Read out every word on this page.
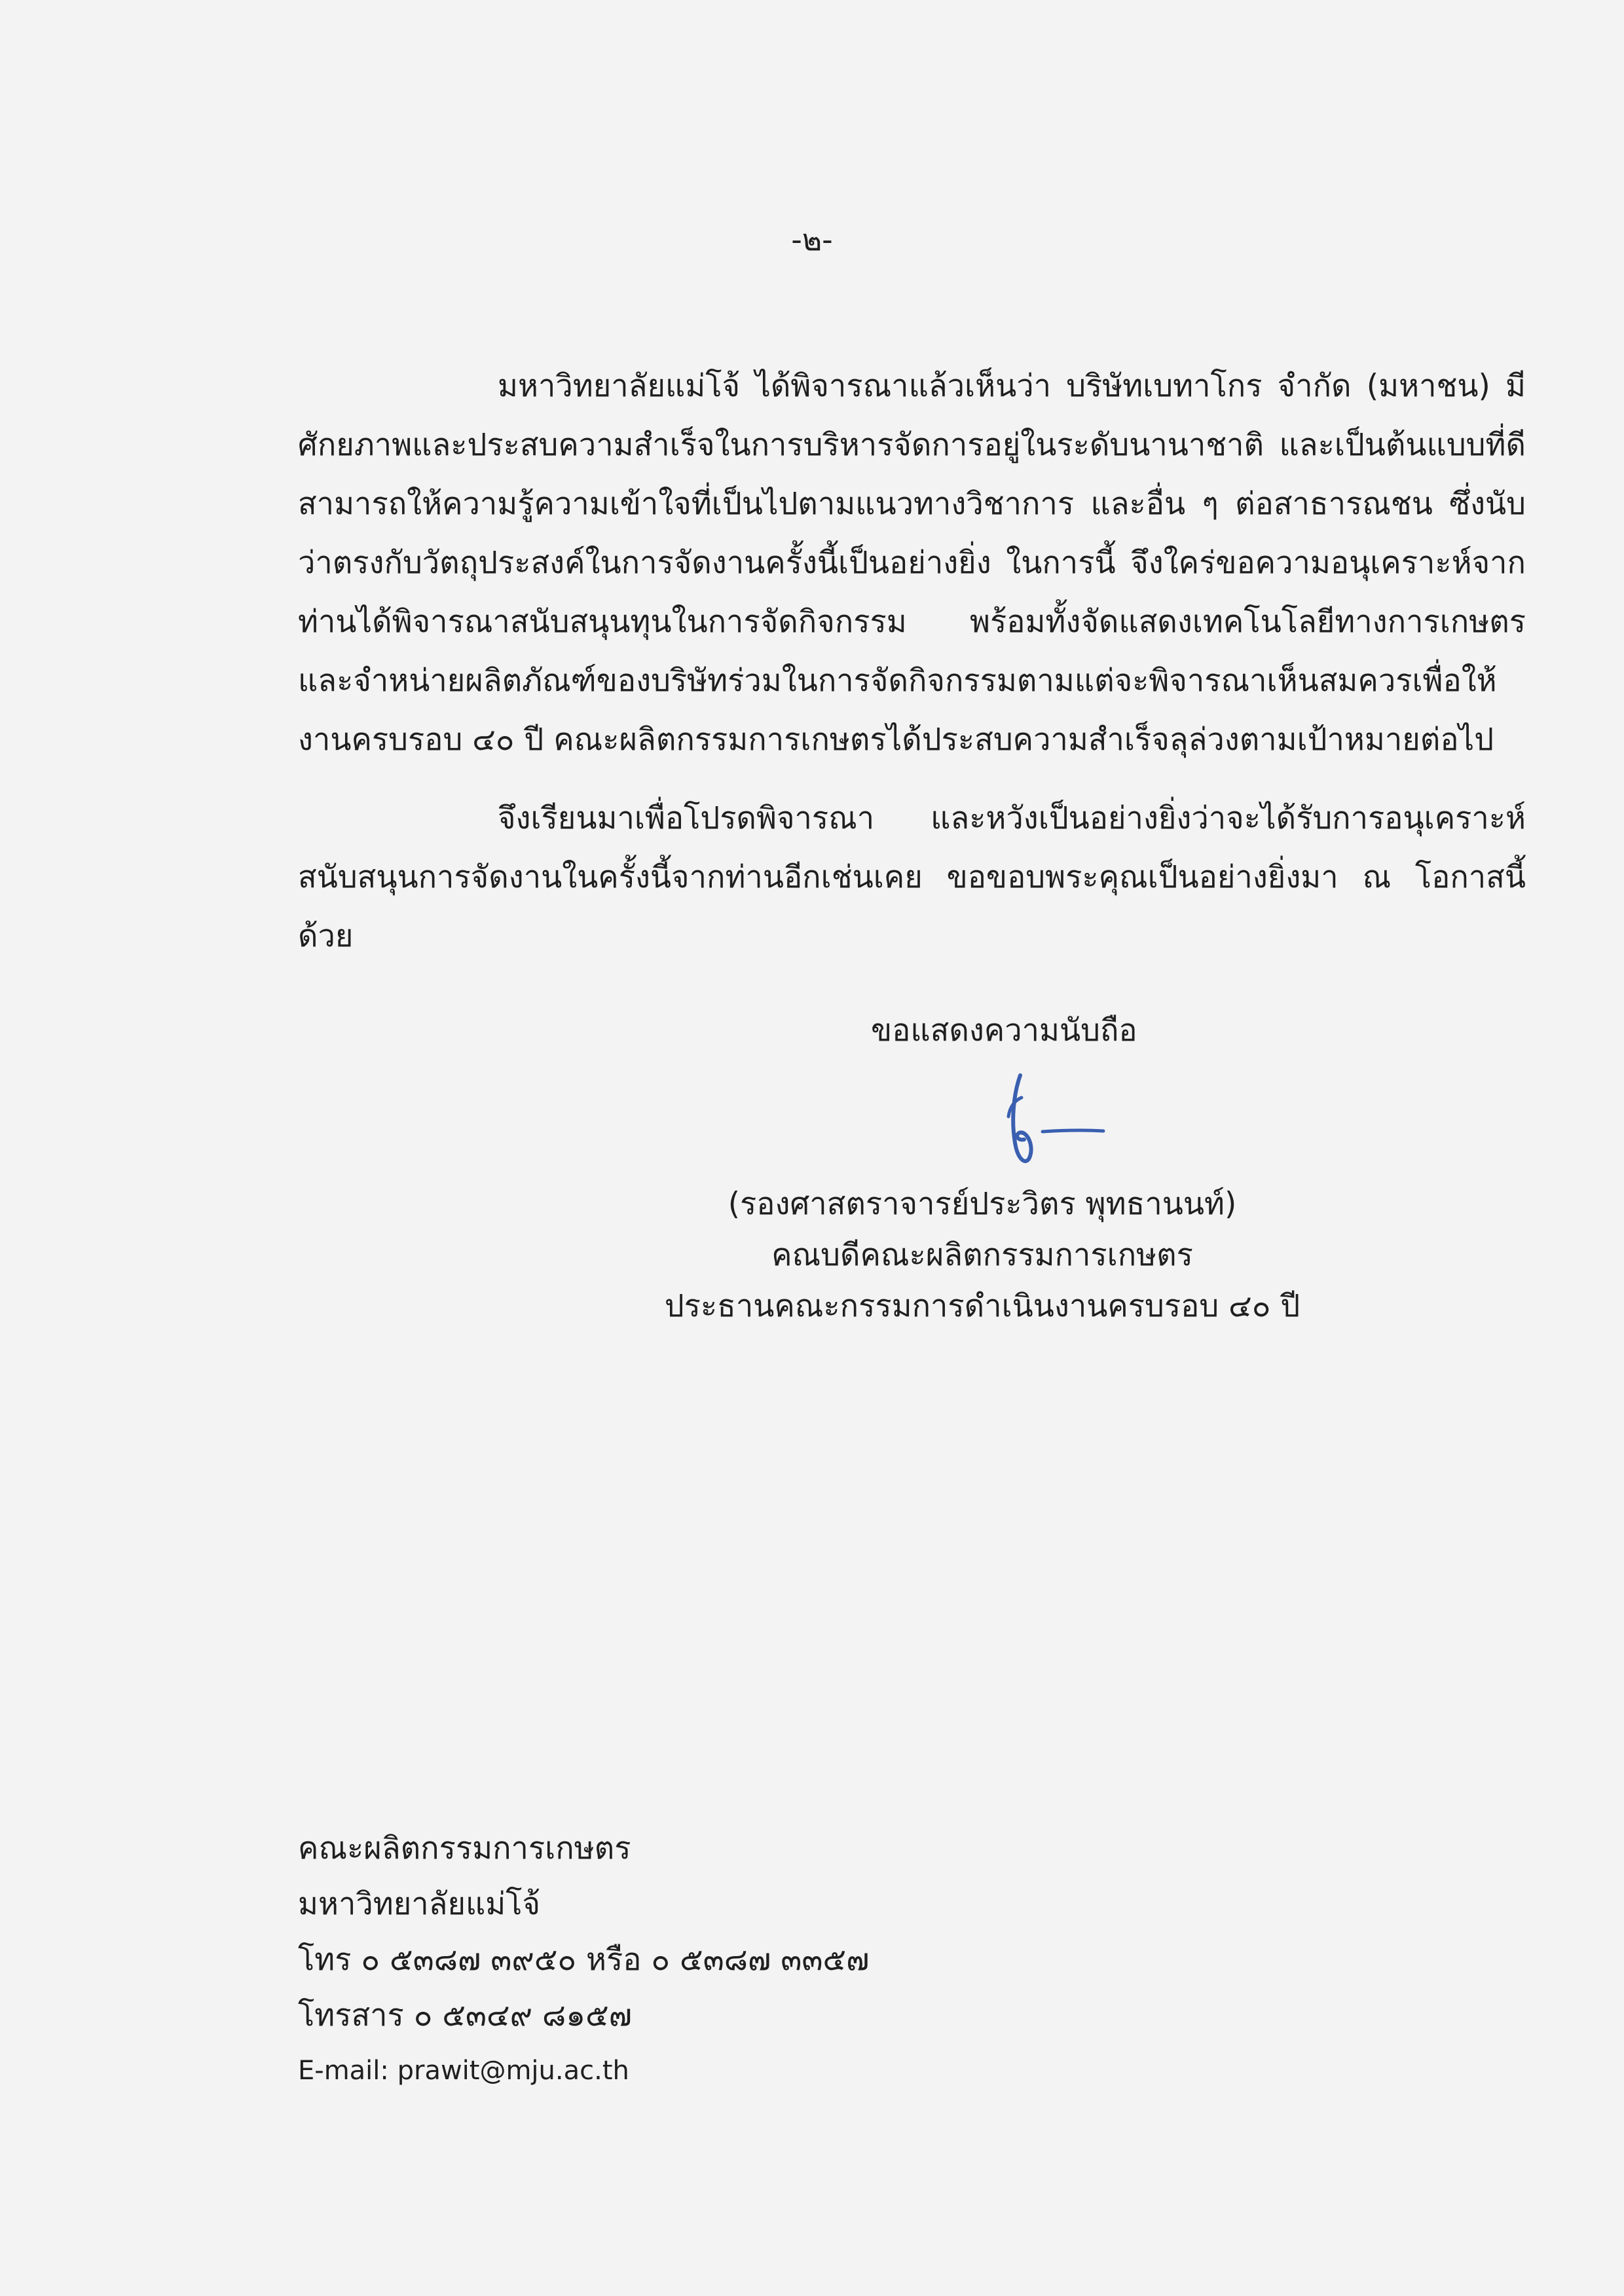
-๒-

มหาวิทยาลัยแม่โจ้ ได้พิจารณาแล้วเห็นว่า บริษัทเบทาโกร จำกัด (มหาชน) มีศักยภาพและประสบความสำเร็จในการบริหารจัดการอยู่ในระดับนานาชาติ และเป็นต้นแบบที่ดี สามารถให้ความรู้ความเข้าใจที่เป็นไปตามแนวทางวิชาการ และอื่น ๆ ต่อสาธารณชน ซึ่งนับว่าตรงกับวัตถุประสงค์ในการจัดงานครั้งนี้เป็นอย่างยิ่ง ในการนี้ จึงใคร่ขอความอนุเคราะห์จากท่านได้พิจารณาสนับสนุนทุนในการจัดกิจกรรม พร้อมทั้งจัดแสดงเทคโนโลยีทางการเกษตร และจำหน่ายผลิตภัณฑ์ของบริษัทร่วมในการจัดกิจกรรมตามแต่จะพิจารณาเห็นสมควรเพื่อให้งานครบรอบ ๔๐ ปี คณะผลิตกรรมการเกษตรได้ประสบความสำเร็จลุล่วงตามเป้าหมายต่อไป

จึงเรียนมาเพื่อโปรดพิจารณา และหวังเป็นอย่างยิ่งว่าจะได้รับการอนุเคราะห์สนับสนุนการจัดงานในครั้งนี้จากท่านอีกเช่นเคย ขอขอบพระคุณเป็นอย่างยิ่งมา ณ โอกาสนี้ด้วย

ขอแสดงความนับถือ
(รองศาสตราจารย์ประวิตร พุทธานนท์)
คณบดีคณะผลิตกรรมการเกษตร
ประธานคณะกรรมการดำเนินงานครบรอบ ๔๐ ปี
คณะผลิตกรรมการเกษตร
มหาวิทยาลัยแม่โจ้
โทร ๐ ๕๓๘๗ ๓๙๕๐ หรือ ๐ ๕๓๘๗ ๓๓๕๗
โทรสาร ๐ ๕๓๔๙ ๘๑๕๗
E-mail: prawit@mju.ac.th
